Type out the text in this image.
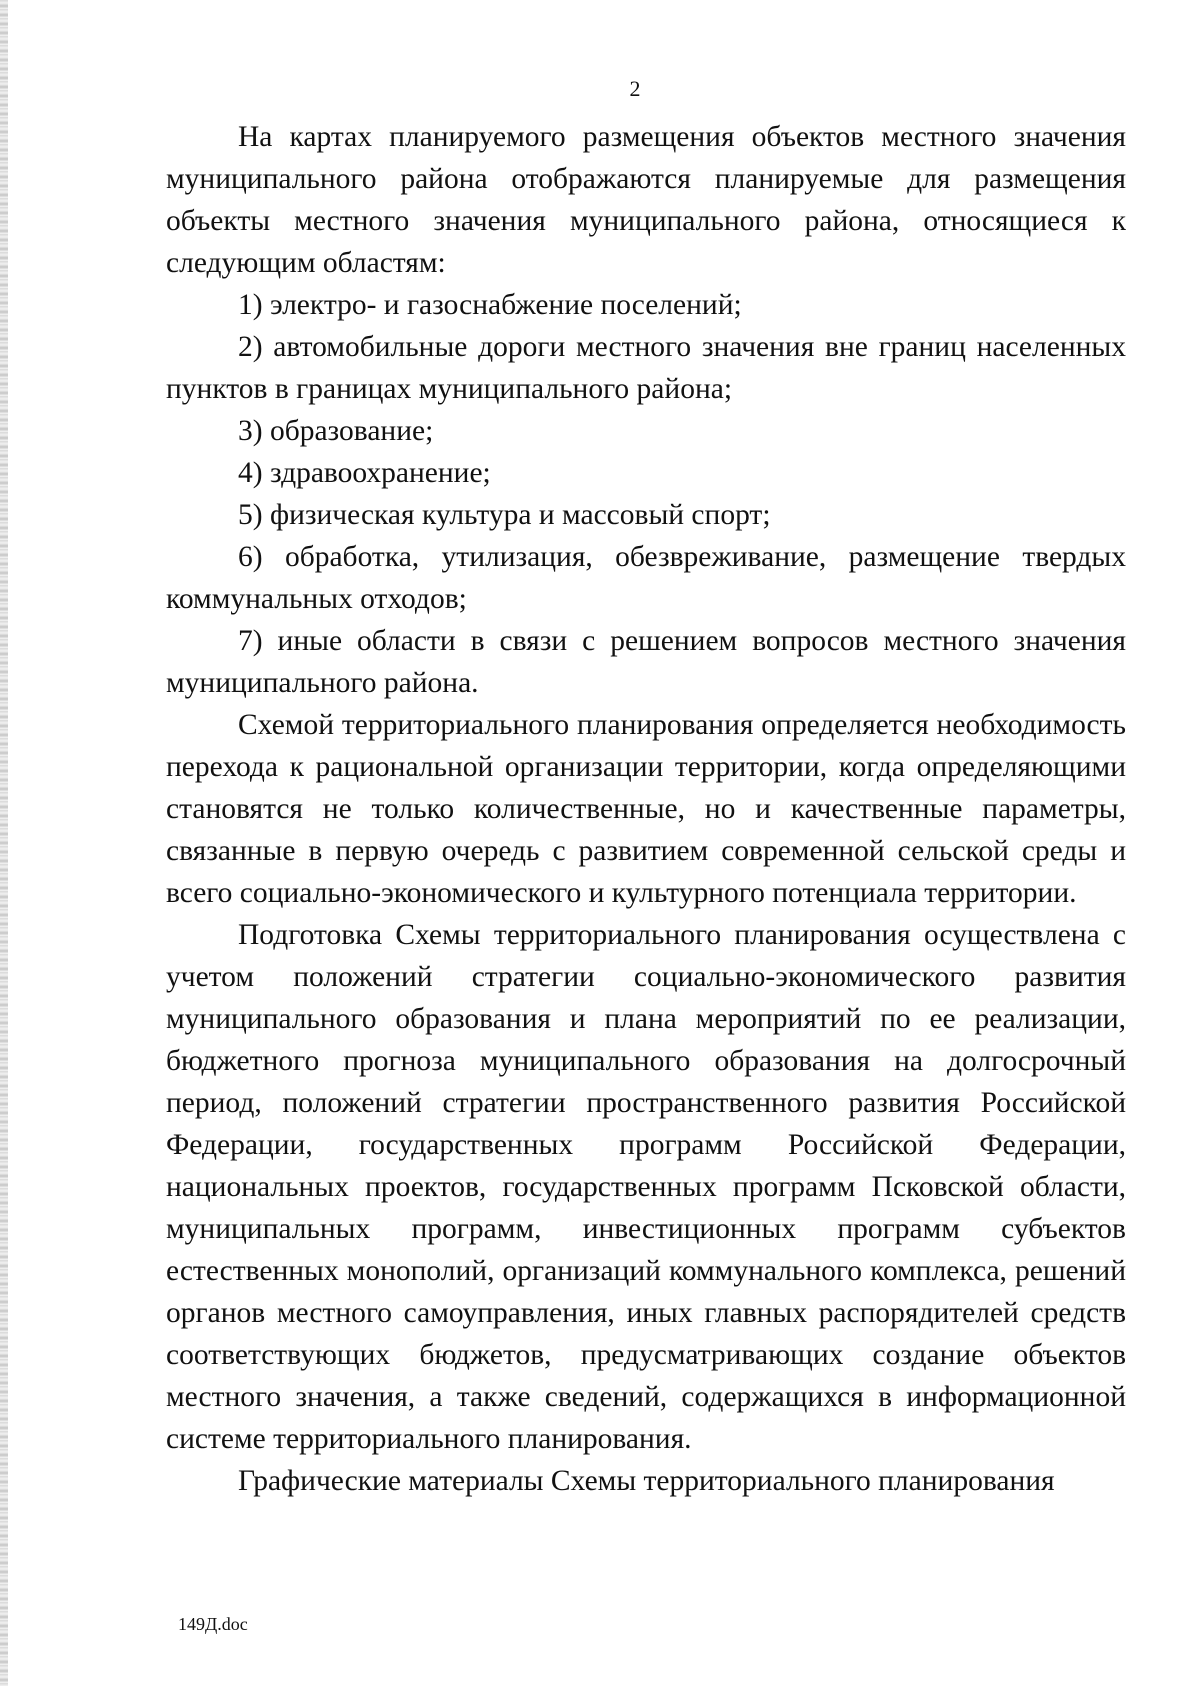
2

На картах планируемого размещения объектов местного значения муниципального района отображаются планируемые для размещения объекты местного значения муниципального района, относящиеся к следующим областям:

1) электро- и газоснабжение поселений;

2) автомобильные дороги местного значения вне границ населенных пунктов в границах муниципального района;

3) образование;

4) здравоохранение;

5) физическая культура и массовый спорт;

6) обработка, утилизация, обезвреживание, размещение твердых коммунальных отходов;

7) иные области в связи с решением вопросов местного значения муниципального района.

Схемой территориального планирования определяется необходимость перехода к рациональной организации территории, когда определяющими становятся не только количественные, но и качественные параметры, связанные в первую очередь с развитием современной сельской среды и всего социально-экономического и культурного потенциала территории.

Подготовка Схемы территориального планирования осуществлена с учетом положений стратегии социально-экономического развития муниципального образования и плана мероприятий по ее реализации, бюджетного прогноза муниципального образования на долгосрочный период, положений стратегии пространственного развития Российской Федерации, государственных программ Российской Федерации, национальных проектов, государственных программ Псковской области, муниципальных программ, инвестиционных программ субъектов естественных монополий, организаций коммунального комплекса, решений органов местного самоуправления, иных главных распорядителей средств соответствующих бюджетов, предусматривающих создание объектов местного значения, а также сведений, содержащихся в информационной системе территориального планирования.

Графические материалы Схемы территориального планирования

149Д.doc
